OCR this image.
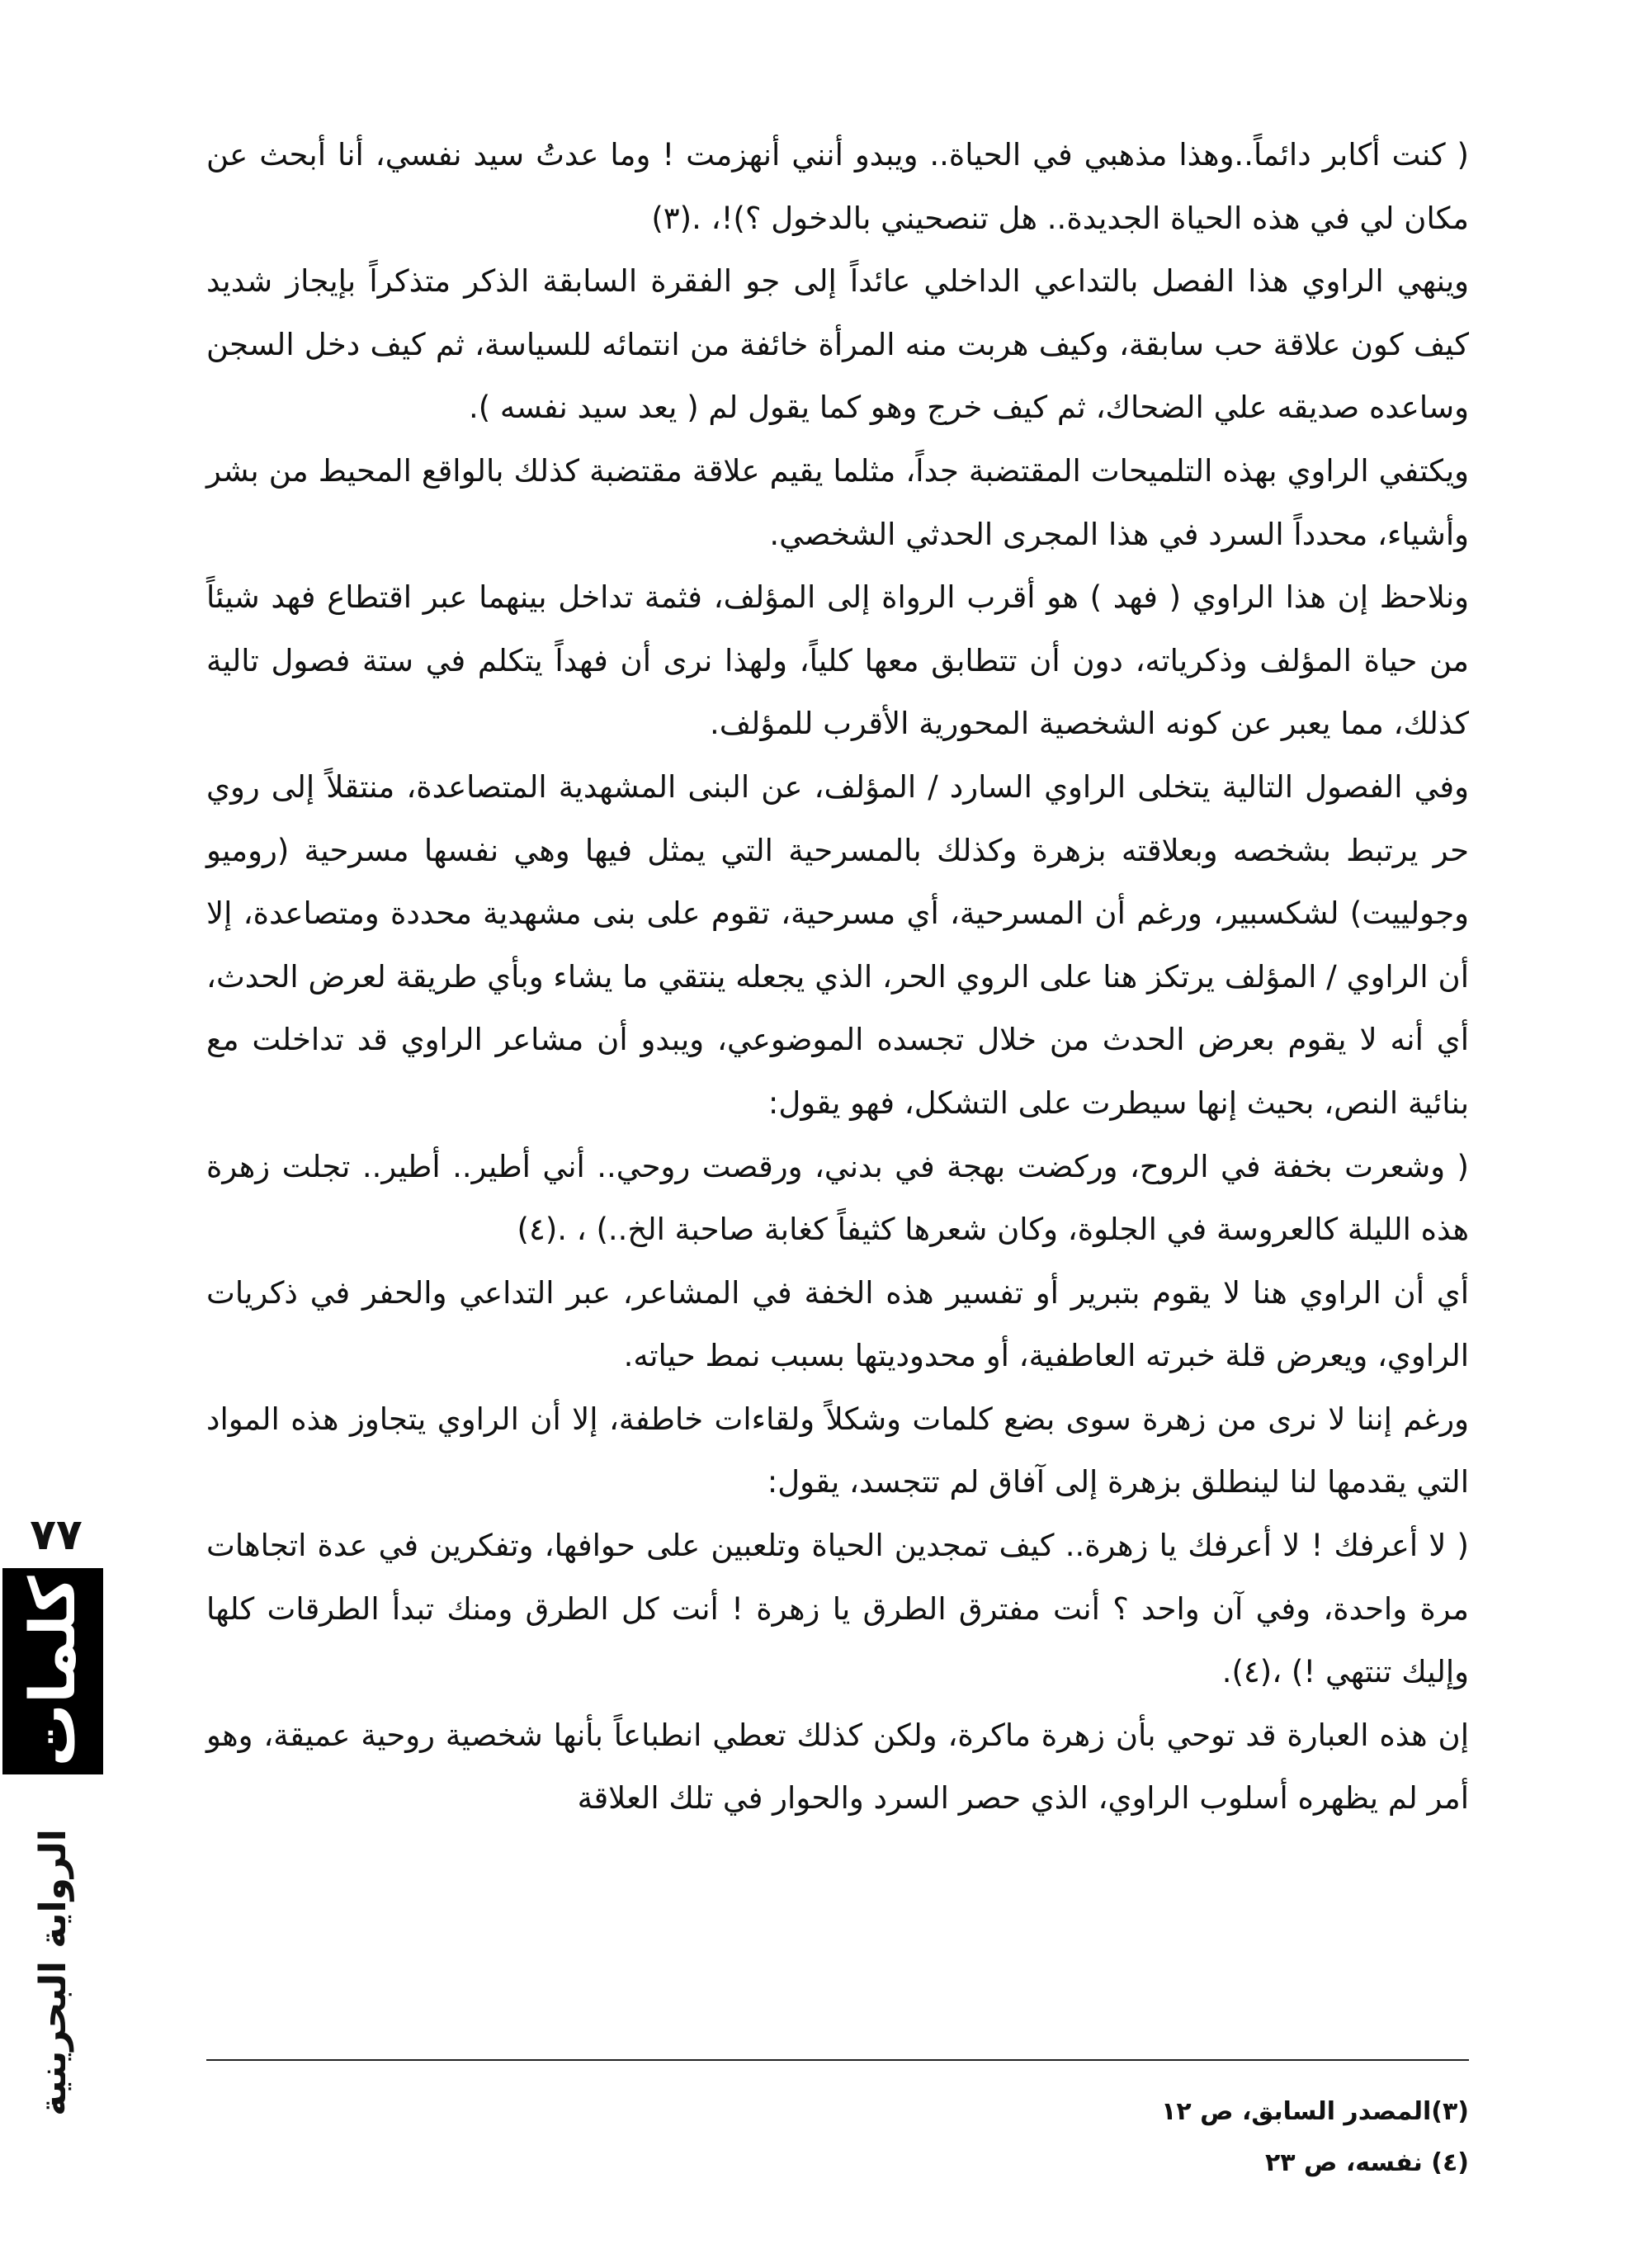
( كنت أكابر دائماً..وهذا مذهبي في الحياة.. ويبدو أنني أنهزمت ! وما عدتُ سيد نفسي، أنا أبحث عن مكان لي في هذه الحياة الجديدة.. هل تنصحيني بالدخول ؟)!، .(٣)

وينهي الراوي هذا الفصل بالتداعي الداخلي عائداً إلى جو الفقرة السابقة الذكر متذكراً بإيجاز شديد كيف كون علاقة حب سابقة، وكيف هربت منه المرأة خائفة من انتمائه للسياسة، ثم كيف دخل السجن وساعده صديقه علي الضحاك، ثم كيف خرج وهو كما يقول لم ( يعد سيد نفسه ).

ويكتفي الراوي بهذه التلميحات المقتضبة جداً، مثلما يقيم علاقة مقتضبة كذلك بالواقع المحيط من بشر وأشياء، محدداً السرد في هذا المجرى الحدثي الشخصي.

ونلاحظ إن هذا الراوي ( فهد ) هو أقرب الرواة إلى المؤلف، فثمة تداخل بينهما عبر اقتطاع فهد شيئاً من حياة المؤلف وذكرياته، دون أن تتطابق معها كلياً، ولهذا نرى أن فهداً يتكلم في ستة فصول تالية كذلك، مما يعبر عن كونه الشخصية المحورية الأقرب للمؤلف.

وفي الفصول التالية يتخلى الراوي السارد / المؤلف، عن البنى المشهدية المتصاعدة، منتقلاً إلى روي حر يرتبط بشخصه وبعلاقته بزهرة وكذلك بالمسرحية التي يمثل فيها وهي نفسها مسرحية (روميو وجولييت) لشكسبير، ورغم أن المسرحية، أي مسرحية، تقوم على بنى مشهدية محددة ومتصاعدة، إلا أن الراوي / المؤلف يرتكز هنا على الروي الحر، الذي يجعله ينتقي ما يشاء وبأي طريقة لعرض الحدث، أي أنه لا يقوم بعرض الحدث من خلال تجسده الموضوعي، ويبدو أن مشاعر الراوي قد تداخلت مع بنائية النص، بحيث إنها سيطرت على التشكل، فهو يقول:

( وشعرت بخفة في الروح، وركضت بهجة في بدني، ورقصت روحي.. أني أطير.. أطير.. تجلت زهرة هذه الليلة كالعروسة في الجلوة، وكان شعرها كثيفاً كغابة صاحبة الخ..) ، .(٤)

أي أن الراوي هنا لا يقوم بتبرير أو تفسير هذه الخفة في المشاعر، عبر التداعي والحفر في ذكريات الراوي، ويعرض قلة خبرته العاطفية، أو محدوديتها بسبب نمط حياته.

ورغم إننا لا نرى من زهرة سوى بضع كلمات وشكلاً ولقاءات خاطفة، إلا أن الراوي يتجاوز هذه المواد التي يقدمها لنا لينطلق بزهرة إلى آفاق لم تتجسد، يقول:

( لا أعرفك ! لا أعرفك يا زهرة.. كيف تمجدين الحياة وتلعبين على حوافها، وتفكرين في عدة اتجاهات مرة واحدة، وفي آن واحد ؟ أنت مفترق الطرق يا زهرة ! أنت كل الطرق ومنك تبدأ الطرقات كلها وإليك تنتهي !) ،(٤).

إن هذه العبارة قد توحي بأن زهرة ماكرة، ولكن كذلك تعطي انطباعاً بأنها شخصية روحية عميقة، وهو أمر لم يظهره أسلوب الراوي، الذي حصر السرد والحوار في تلك العلاقة

(٣)المصدر السابق، ص ١٢
(٤) نفسه، ص ٢٣
٧٧
كلمات
الرواية البحرينية
